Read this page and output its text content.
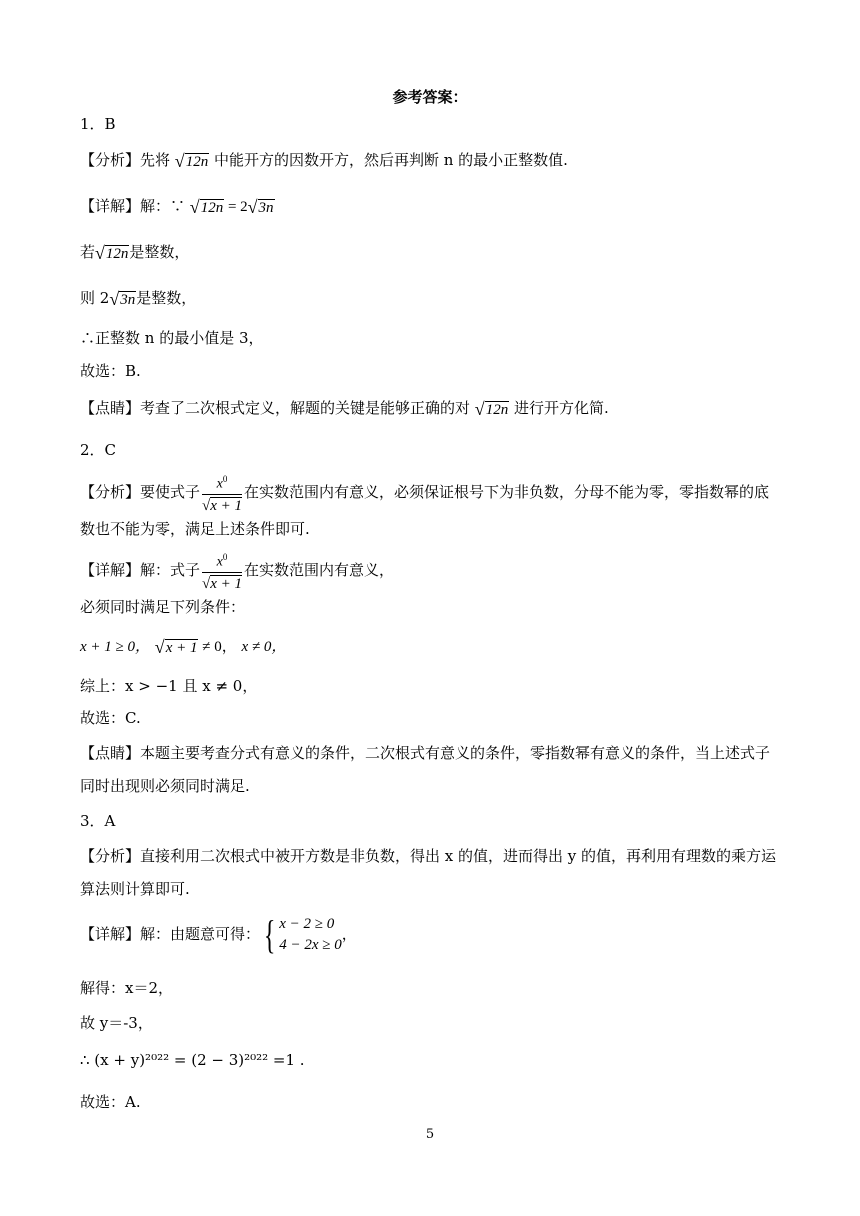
参考答案：
1．B
【分析】先将 √12n 中能开方的因数开方，然后再判断 n 的最小正整数值.
【详解】解：∵ √12n = 2√3n
若√12n是整数，
则 2√3n是整数，
∴正整数 n 的最小值是 3，
故选：B.
【点睛】考查了二次根式定义，解题的关键是能够正确的对 √12n 进行开方化简.
2．C
【分析】要使式子 $\frac{x^0}{√x + 1}$ 在实数范围内有意义，必须保证根号下为非负数，分母不能为零，零指数幂的底
数也不能为零，满足上述条件即可.
【详解】解：式子 $\frac{x^0}{√x + 1}$ 在实数范围内有意义，
必须同时满足下列条件：
x + 1 ≥ 0， √x + 1 ≠ 0， x ≠ 0，
综上：x > −1 且 x ≠ 0，
故选：C.
【点睛】本题主要考查分式有意义的条件，二次根式有意义的条件，零指数幂有意义的条件，当上述式子
同时出现则必须同时满足.
3．A
【分析】直接利用二次根式中被开方数是非负数，得出 x 的值，进而得出 y 的值，再利用有理数的乘方运
算法则计算即可.
【详解】解：由题意可得： { x − 2 ≥ 0
4 − 2x ≥ 0
，
解得：x＝2，
故 y＝-3，
∴ (x + y)²⁰²² = (2 − 3)²⁰²² =1 .
故选：A.
5
